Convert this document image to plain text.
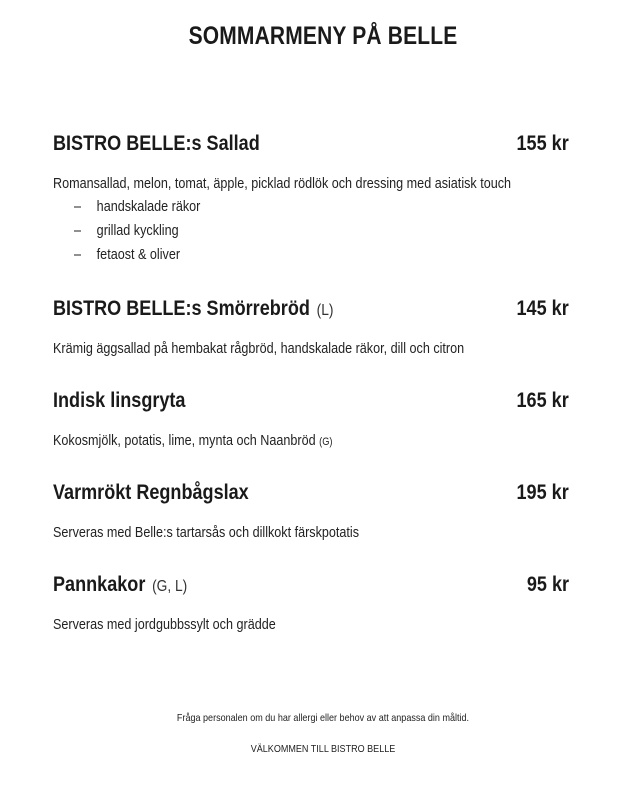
SOMMARMENY PÅ BELLE
BISTRO BELLE:s Sallad	155 kr
Romansallad, melon, tomat, äpple, picklad rödlök och dressing med asiatisk touch
– handskalade räkor
– grillad kyckling
– fetaost & oliver
BISTRO BELLE:s Smörrebröd (L)	145 kr
Krämig äggsallad på hembakat rågbröd, handskalade räkor, dill och citron
Indisk linsgryta	165 kr
Kokosmjölk, potatis, lime, mynta och Naanbröd (G)
Varmrökt Regnbågslax	195 kr
Serveras med Belle:s tartarsås och dillkokt färskpotatis
Pannkakor (G, L)	95 kr
Serveras med jordgubbssylt och grädde
Fråga personalen om du har allergi eller behov av att anpassa din måltid.
VÄLKOMMEN TILL BISTRO BELLE
